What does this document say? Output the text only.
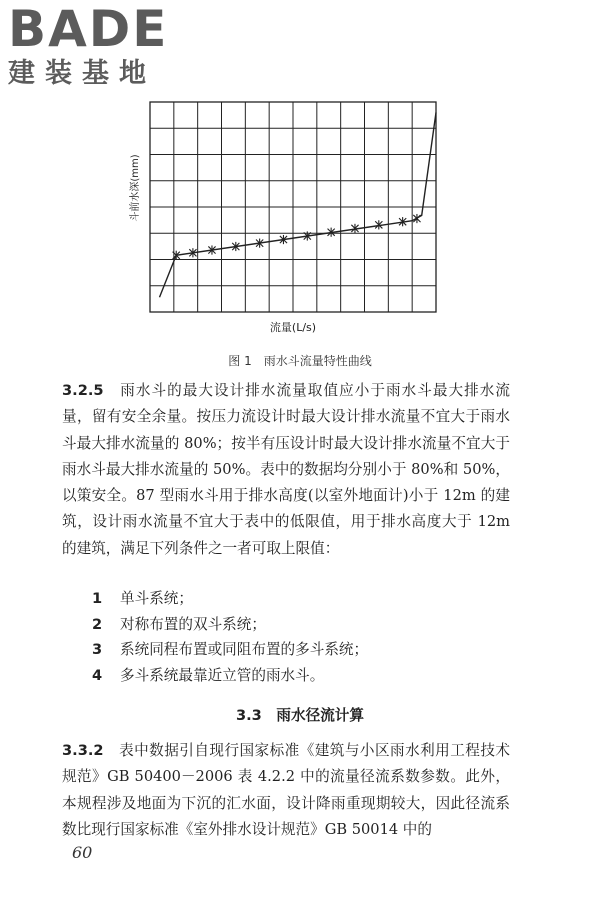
BADE
建装基地
斗前水深(mm)
流量(L/s)
图 1　雨水斗流量特性曲线

3.2.5　 雨水斗的最大设计排水流量取值应小于雨水斗最大排水流量，留有安全余量。按压力流设计时最大设计排水流量不宜大于雨水斗最大排水流量的 80%；按半有压设计时最大设计排水流量不宜大于雨水斗最大排水流量的 50%。表中的数据均分别小于 80%和 50%，以策安全。87 型雨水斗用于排水高度(以室外地面计)小于 12m 的建筑，设计雨水流量不宜大于表中的低限值，用于排水高度大于 12m 的建筑，满足下列条件之一者可取上限值：

1 单斗系统；
2 对称布置的双斗系统；
3 系统同程布置或同阻布置的多斗系统；
4 多斗系统最靠近立管的雨水斗。
3.3　雨水径流计算

3.3.2　 表中数据引自现行国家标准《建筑与小区雨水利用工程技术规范》GB 50400－2006 表 4.2.2 中的流量径流系数参数。此外，本规程涉及地面为下沉的汇水面，设计降雨重现期较大，因此径流系数比现行国家标准《室外排水设计规范》GB 50014 中的

60
